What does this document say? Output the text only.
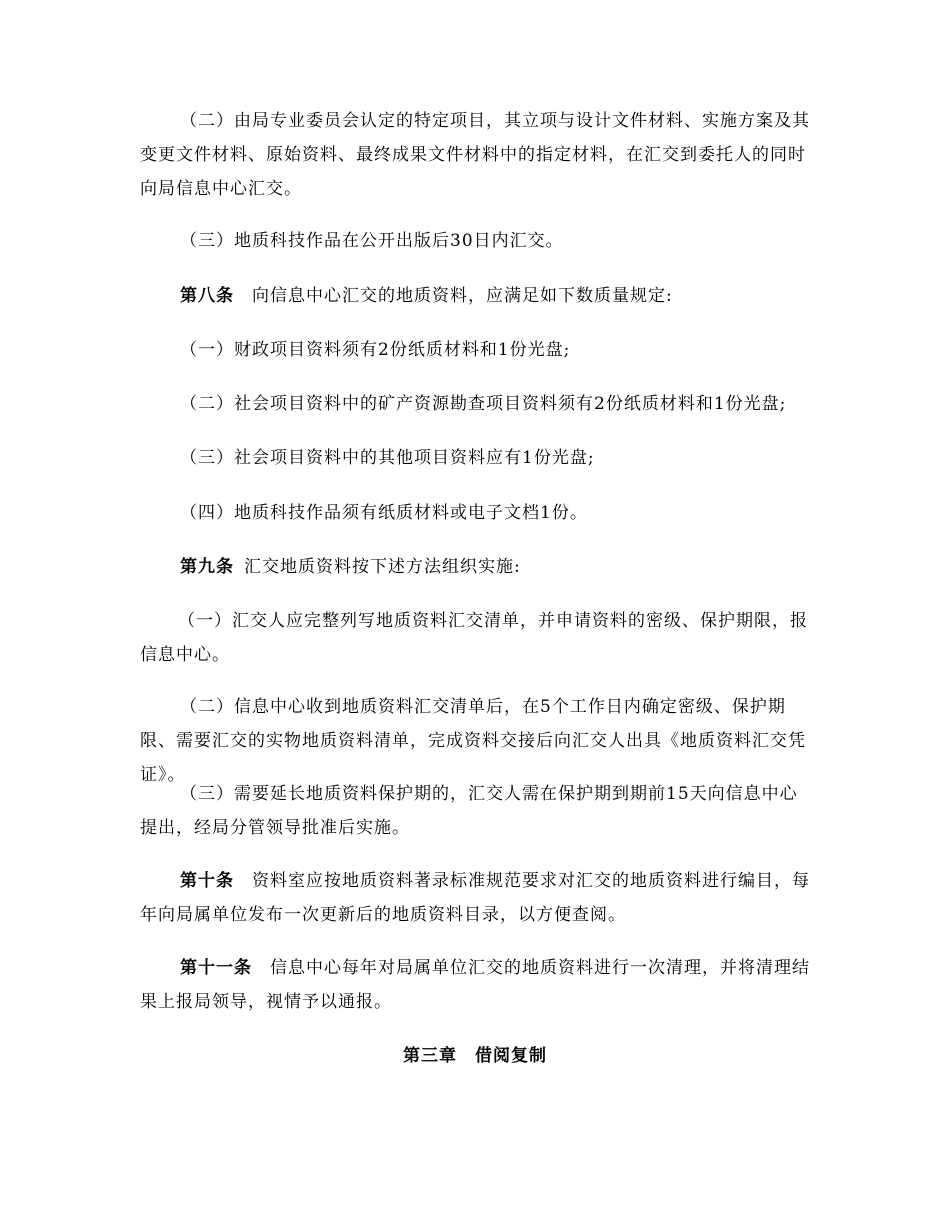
（二）由局专业委员会认定的特定项目，其立项与设计文件材料、实施方案及其变更文件材料、原始资料、最终成果文件材料中的指定材料，在汇交到委托人的同时向局信息中心汇交。

（三）地质科技作品在公开出版后30日内汇交。

第八条 向信息中心汇交的地质资料，应满足如下数质量规定:

（一）财政项目资料须有2份纸质材料和1份光盘;

（二）社会项目资料中的矿产资源勘查项目资料须有2份纸质材料和1份光盘;

（三）社会项目资料中的其他项目资料应有1份光盘;

（四）地质科技作品须有纸质材料或电子文档1份。

第九条 汇交地质资料按下述方法组织实施:

（一）汇交人应完整列写地质资料汇交清单，并申请资料的密级、保护期限，报信息中心。

（二）信息中心收到地质资料汇交清单后，在5个工作日内确定密级、保护期限、需要汇交的实物地质资料清单，完成资料交接后向汇交人出具《地质资料汇交凭证》。

（三）需要延长地质资料保护期的，汇交人需在保护期到期前15天向信息中心提出，经局分管领导批准后实施。

第十条 资料室应按地质资料著录标准规范要求对汇交的地质资料进行编目，每年向局属单位发布一次更新后的地质资料目录，以方便查阅。

第十一条 信息中心每年对局属单位汇交的地质资料进行一次清理，并将清理结果上报局领导，视情予以通报。

第三章　借阅复制
